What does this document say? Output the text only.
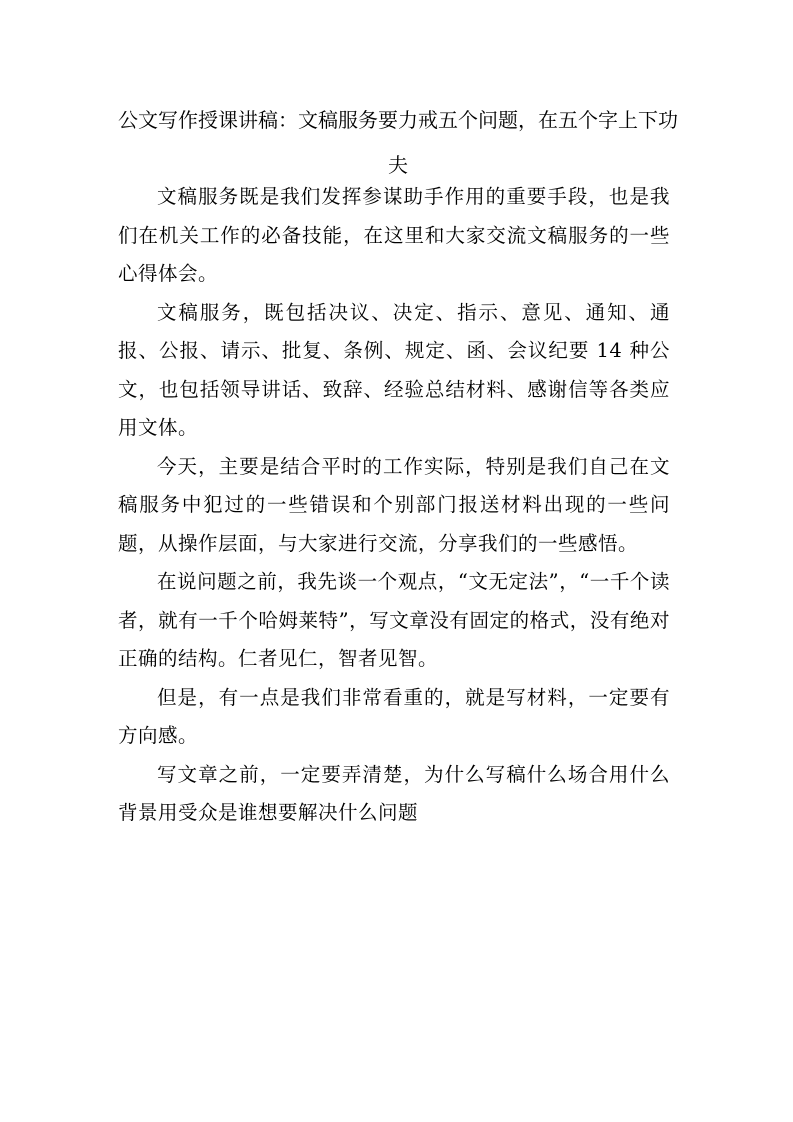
公文写作授课讲稿：文稿服务要力戒五个问题，在五个字上下功夫

文稿服务既是我们发挥参谋助手作用的重要手段，也是我们在机关工作的必备技能，在这里和大家交流文稿服务的一些心得体会。

文稿服务，既包括决议、决定、指示、意见、通知、通报、公报、请示、批复、条例、规定、函、会议纪要 14 种公文，也包括领导讲话、致辞、经验总结材料、感谢信等各类应用文体。

今天，主要是结合平时的工作实际，特别是我们自己在文稿服务中犯过的一些错误和个别部门报送材料出现的一些问题，从操作层面，与大家进行交流，分享我们的一些感悟。

在说问题之前，我先谈一个观点，“文无定法”，“一千个读者，就有一千个哈姆莱特”，写文章没有固定的格式，没有绝对正确的结构。仁者见仁，智者见智。

但是，有一点是我们非常看重的，就是写材料，一定要有方向感。

写文章之前，一定要弄清楚，为什么写稿什么场合用什么背景用受众是谁想要解决什么问题
